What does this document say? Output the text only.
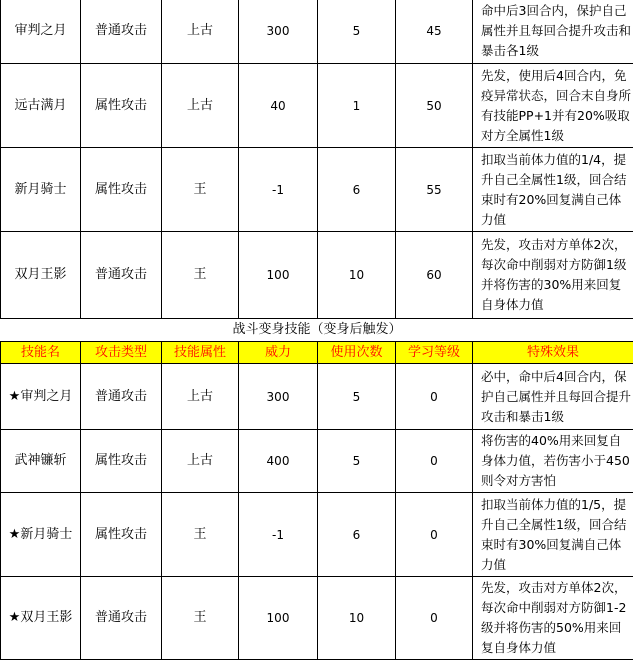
审判之月	普通攻击	上古	300	5	45	命中后3回合内，保护自己属性并且每回合提升攻击和暴击各1级
远古满月	属性攻击	上古	40	1	50	先发，使用后4回合内，免疫异常状态，回合末自身所有技能PP+1并有20%吸取对方全属性1级
新月骑士	属性攻击	王	-1	6	55	扣取当前体力值的1/4，提升自己全属性1级，回合结束时有20%回复满自己体力值
双月王影	普通攻击	王	100	10	60	先发，攻击对方单体2次，每次命中削弱对方防御1级并将伤害的30%用来回复自身体力值
战斗变身技能（变身后触发）						
技能名	攻击类型	技能属性	威力	使用次数	学习等级	特殊效果
★审判之月	普通攻击	上古	300	5	0	必中，命中后4回合内，保护自己属性并且每回合提升攻击和暴击1级
武神镰斩	属性攻击	上古	400	5	0	将伤害的40%用来回复自身体力值，若伤害小于450则令对方害怕
★新月骑士	属性攻击	王	-1	6	0	扣取当前体力值的1/5，提升自己全属性1级，回合结束时有30%回复满自己体力值
★双月王影	普通攻击	王	100	10	0	先发，攻击对方单体2次，每次命中削弱对方防御1-2级并将伤害的50%用来回复自身体力值
